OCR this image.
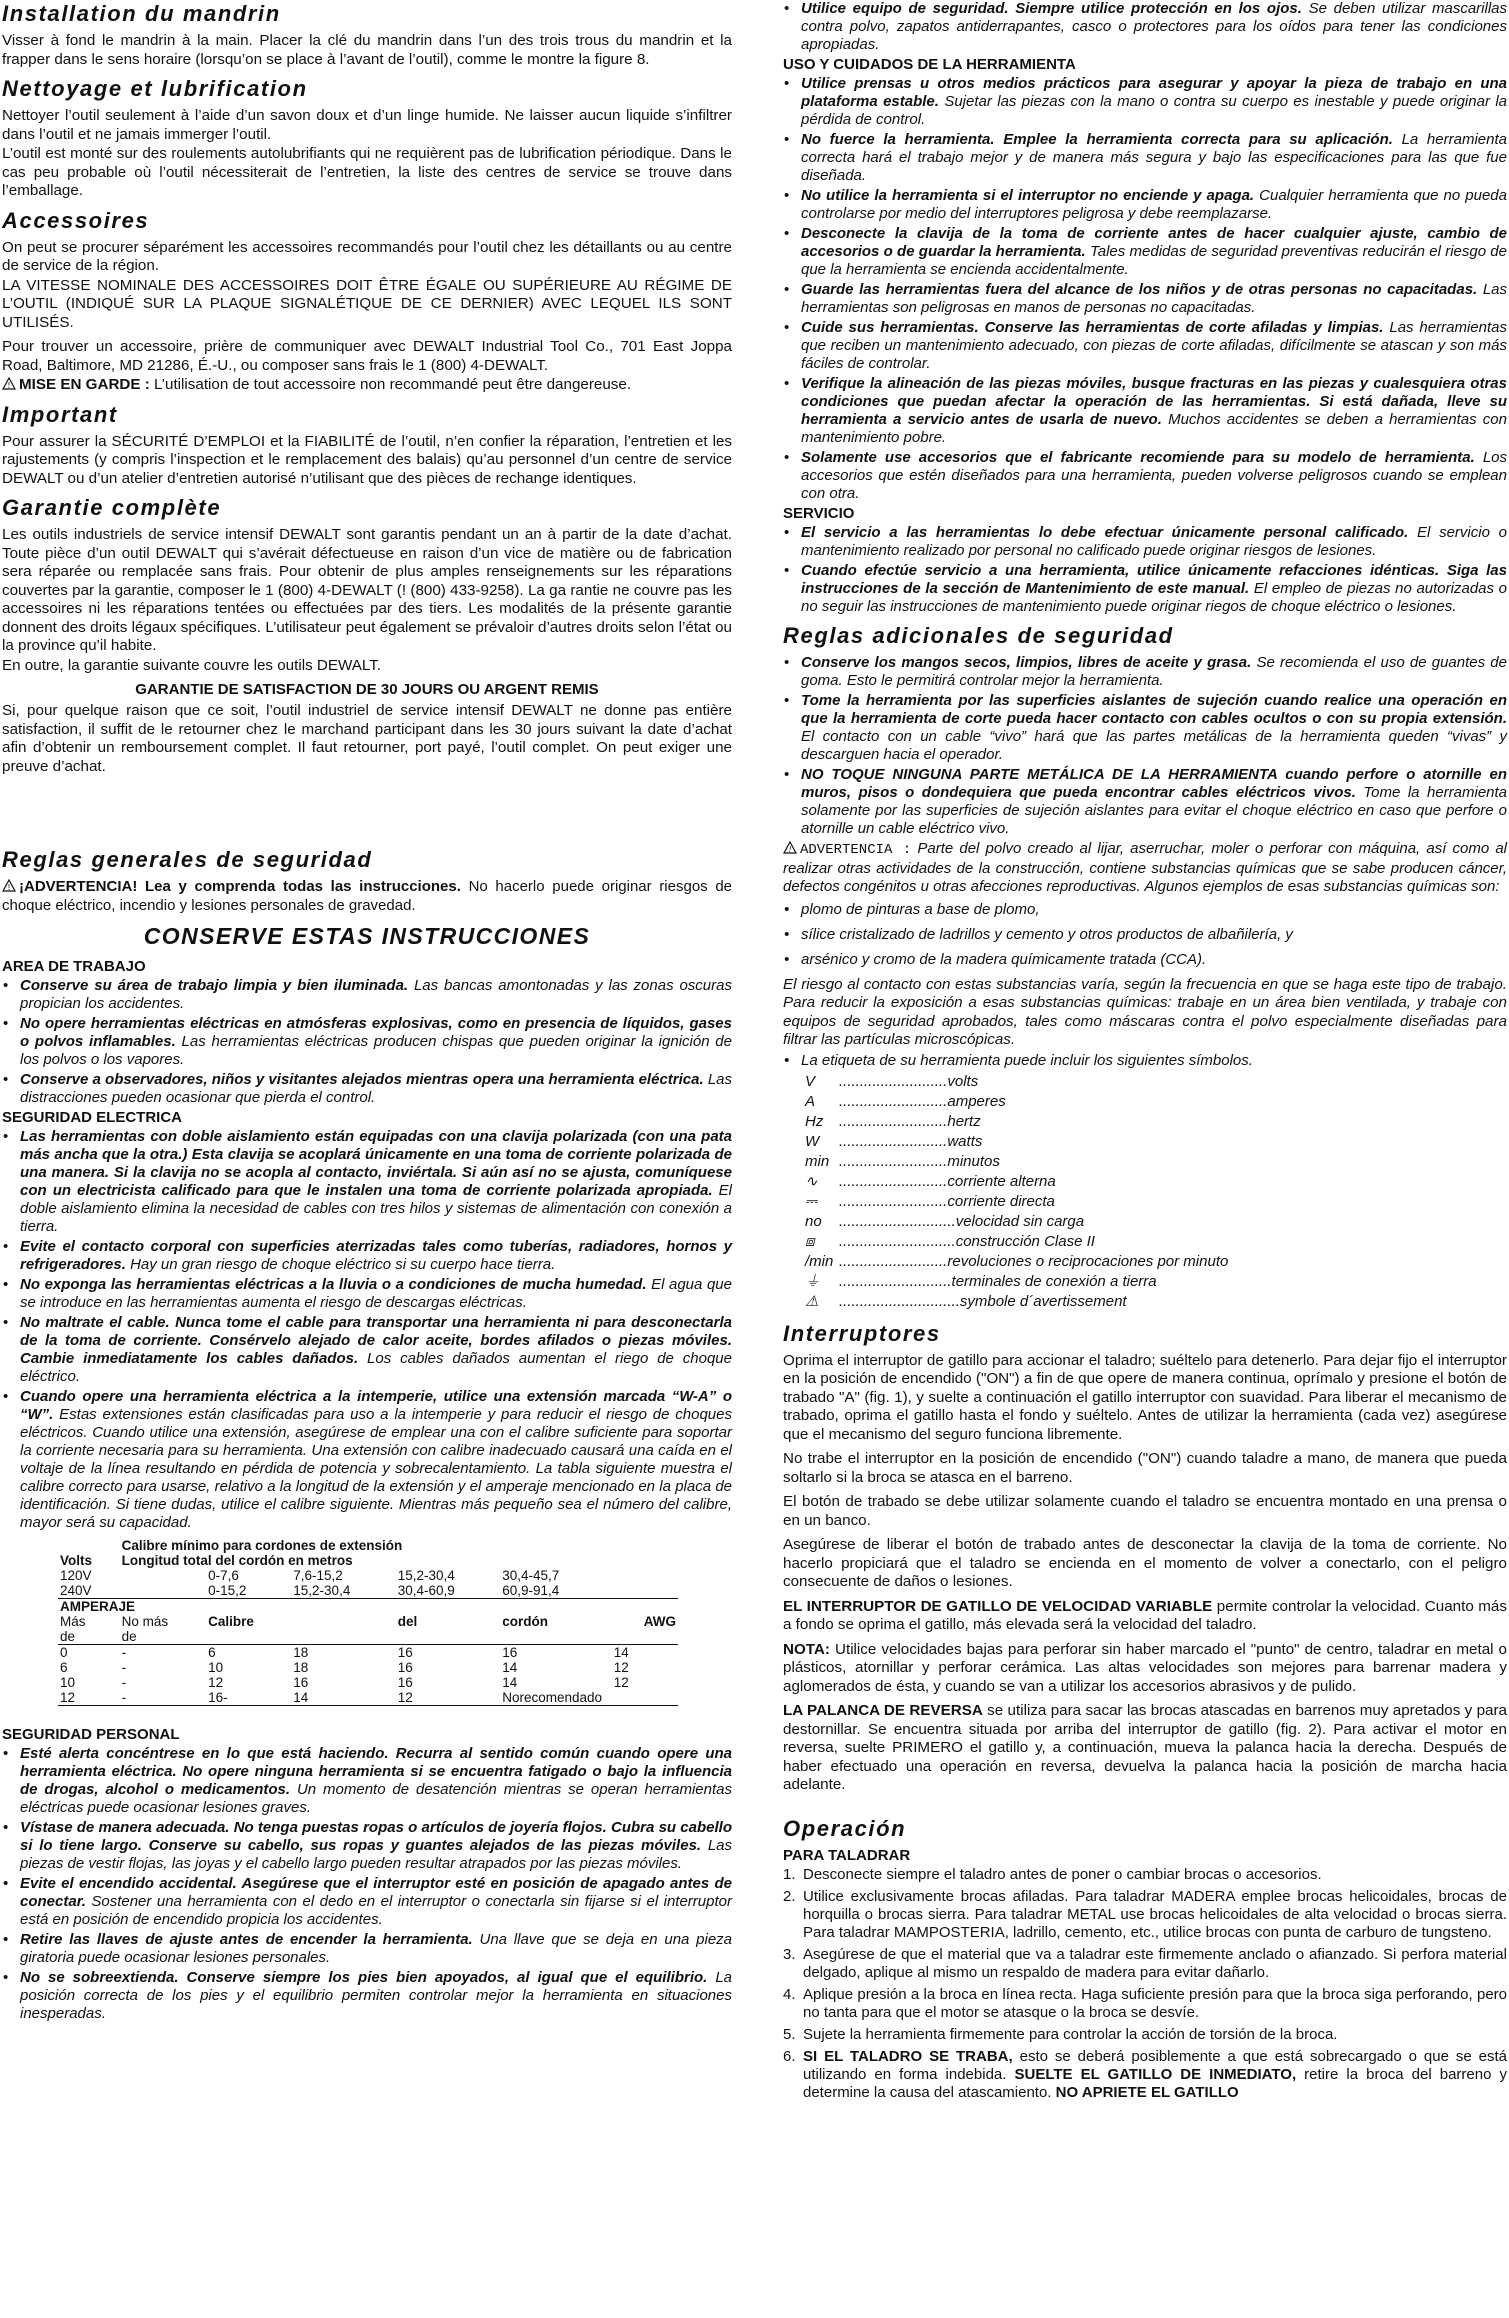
Installation du mandrin

Visser à fond le mandrin à la main. Placer la clé du mandrin dans l’un des trois trous du mandrin et la frapper dans le sens horaire (lorsqu’on se place à l’avant de l’outil), comme le montre la figure 8.

Nettoyage et lubrification

Nettoyer l’outil seulement à l’aide d’un savon doux et d’un linge humide. Ne laisser aucun liquide s’infiltrer dans l’outil et ne jamais immerger l’outil.

L’outil est monté sur des roulements autolubrifiants qui ne requièrent pas de lubrification périodique. Dans le cas peu probable où l’outil nécessiterait de l’entretien, la liste des centres de service se trouve dans l’emballage.

Accessoires

On peut se procurer séparément les accessoires recommandés pour l’outil chez les détaillants ou au centre de service de la région.

LA VITESSE NOMINALE DES ACCESSOIRES DOIT ÊTRE ÉGALE OU SUPÉRIEURE AU RÉGIME DE L’OUTIL (INDIQUÉ SUR LA PLAQUE SIGNALÉTIQUE DE CE DERNIER) AVEC LEQUEL ILS SONT UTILISÉS.

Pour trouver un accessoire, prière de communiquer avec DEWALT Industrial Tool Co., 701 East Joppa Road, Baltimore, MD 21286, É.-U., ou composer sans frais le 1 (800) 4-DEWALT.

! MISE EN GARDE : L’utilisation de tout accessoire non recommandé peut être dangereuse.

Important

Pour assurer la SÉCURITÉ D’EMPLOI et la FIABILITÉ de l’outil, n’en confier la réparation, l’entretien et les rajustements (y compris l’inspection et le remplacement des balais) qu’au personnel d’un centre de service DEWALT ou d’un atelier d’entretien autorisé n’utilisant que des pièces de rechange identiques.

Garantie complète

Les outils industriels de service intensif DEWALT sont garantis pendant un an à partir de la date d’achat. Toute pièce d’un outil DEWALT qui s’avérait défectueuse en raison d’un vice de matière ou de fabrication sera réparée ou remplacée sans frais. Pour obtenir de plus amples renseignements sur les réparations couvertes par la garantie, composer le 1 (800) 4-DEWALT (! (800) 433-9258). La ga rantie ne couvre pas les accessoires ni les réparations tentées ou effectuées par des tiers. Les modalités de la présente garantie donnent des droits légaux spécifiques. L’utilisateur peut également se prévaloir d’autres droits selon l’état ou la province qu’il habite.

En outre, la garantie suivante couvre les outils DEWALT.

GARANTIE DE SATISFACTION DE 30 JOURS OU ARGENT REMIS

Si, pour quelque raison que ce soit, l’outil industriel de service intensif DEWALT ne donne pas entière satisfaction, il suffit de le retourner chez le marchand participant dans les 30 jours suivant la date d’achat afin d’obtenir un remboursement complet. Il faut retourner, port payé, l’outil complet. On peut exiger une preuve d’achat.

Reglas generales de seguridad
! ¡ADVERTENCIA! Lea y comprenda todas las instrucciones. No hacerlo puede originar riesgos de choque eléctrico, incendio y lesiones personales de gravedad.
CONSERVE ESTAS INSTRUCCIONES
AREA DE TRABAJO
• Conserve su área de trabajo limpia y bien iluminada. Las bancas amontonadas y las zonas oscuras propician los accidentes.
• No opere herramientas eléctricas en atmósferas explosivas, como en presencia de líquidos, gases o polvos inflamables. Las herramientas eléctricas producen chispas que pueden originar la ignición de los polvos o los vapores.
• Conserve a observadores, niños y visitantes alejados mientras opera una herramienta eléctrica. Las distracciones pueden ocasionar que pierda el control.
SEGURIDAD ELECTRICA
• Las herramientas con doble aislamiento están equipadas con una clavija polarizada (con una pata más ancha que la otra.) Esta clavija se acoplará únicamente en una toma de corriente polarizada de una manera. Si la clavija no se acopla al contacto, inviértala. Si aún así no se ajusta, comuníquese con un electricista calificado para que le instalen una toma de corriente polarizada apropiada. El doble aislamiento elimina la necesidad de cables con tres hilos y sistemas de alimentación con conexión a tierra.
• Evite el contacto corporal con superficies aterrizadas tales como tuberías, radiadores, hornos y refrigeradores. Hay un gran riesgo de choque eléctrico si su cuerpo hace tierra.
• No exponga las herramientas eléctricas a la lluvia o a condiciones de mucha humedad. El agua que se introduce en las herramientas aumenta el riesgo de descargas eléctricas.
• No maltrate el cable. Nunca tome el cable para transportar una herramienta ni para desconectarla de la toma de corriente. Consérvelo alejado de calor aceite, bordes afilados o piezas móviles. Cambie inmediatamente los cables dañados. Los cables dañados aumentan el riego de choque eléctrico.
• Cuando opere una herramienta eléctrica a la intemperie, utilice una extensión marcada “W-A” o “W”. Estas extensiones están clasificadas para uso a la intemperie y para reducir el riesgo de choques eléctricos. Cuando utilice una extensión, asegúrese de emplear una con el calibre suficiente para soportar la corriente necesaria para su herramienta. Una extensión con calibre inadecuado causará una caída en el voltaje de la línea resultando en pérdida de potencia y sobrecalentamiento. La tabla siguiente muestra el calibre correcto para usarse, relativo a la longitud de la extensión y el amperaje mencionado en la placa de identificación. Si tiene dudas, utilice el calibre siguiente. Mientras más pequeño sea el número del calibre, mayor será su capacidad.
	Calibre mínimo para cordones de extensión					
Volts	Longitud total del cordón en metros					
120V		0-7,6	7,6-15,2	15,2-30,4	30,4-45,7	
240V		0-15,2	15,2-30,4	30,4-60,9	60,9-91,4	
AMPERAJE						
Más	No más	Calibre		del	cordón	AWG
de	de					
0	-	6	18	16	16	14
6	-	10	18	16	14	12
10	-	12	16	16	14	12
12	-	16-	14	12	Norecomendado	
SEGURIDAD PERSONAL
• Esté alerta concéntrese en lo que está haciendo. Recurra al sentido común cuando opere una herramienta eléctrica. No opere ninguna herramienta si se encuentra fatigado o bajo la influencia de drogas, alcohol o medicamentos. Un momento de desatención mientras se operan herramientas eléctricas puede ocasionar lesiones graves.
• Vístase de manera adecuada. No tenga puestas ropas o artículos de joyería flojos. Cubra su cabello si lo tiene largo. Conserve su cabello, sus ropas y guantes alejados de las piezas móviles. Las piezas de vestir flojas, las joyas y el cabello largo pueden resultar atrapados por las piezas móviles.
• Evite el encendido accidental. Asegúrese que el interruptor esté en posición de apagado antes de conectar. Sostener una herramienta con el dedo en el interruptor o conectarla sin fijarse si el interruptor está en posición de encendido propicia los accidentes.
• Retire las llaves de ajuste antes de encender la herramienta. Una llave que se deja en una pieza giratoria puede ocasionar lesiones personales.
• No se sobreextienda. Conserve siempre los pies bien apoyados, al igual que el equilibrio. La posición correcta de los pies y el equilibrio permiten controlar mejor la herramienta en situaciones inesperadas.
• Utilice equipo de seguridad. Siempre utilice protección en los ojos. Se deben utilizar mascarillas contra polvo, zapatos antiderrapantes, casco o protectores para los oídos para tener las condiciones apropiadas.
USO Y CUIDADOS DE LA HERRAMIENTA
• Utilice prensas u otros medios prácticos para asegurar y apoyar la pieza de trabajo en una plataforma estable. Sujetar las piezas con la mano o contra su cuerpo es inestable y puede originar la pérdida de control.
• No fuerce la herramienta. Emplee la herramienta correcta para su aplicación. La herramienta correcta hará el trabajo mejor y de manera más segura y bajo las especificaciones para las que fue diseñada.
• No utilice la herramienta si el interruptor no enciende y apaga. Cualquier herramienta que no pueda controlarse por medio del interruptores peligrosa y debe reemplazarse.
• Desconecte la clavija de la toma de corriente antes de hacer cualquier ajuste, cambio de accesorios o de guardar la herramienta. Tales medidas de seguridad preventivas reducirán el riesgo de que la herramienta se encienda accidentalmente.
• Guarde las herramientas fuera del alcance de los niños y de otras personas no capacitadas. Las herramientas son peligrosas en manos de personas no capacitadas.
• Cuide sus herramientas. Conserve las herramientas de corte afiladas y limpias. Las herramientas que reciben un mantenimiento adecuado, con piezas de corte afiladas, difícilmente se atascan y son más fáciles de controlar.
• Verifique la alineación de las piezas móviles, busque fracturas en las piezas y cualesquiera otras condiciones que puedan afectar la operación de las herramientas. Si está dañada, lleve su herramienta a servicio antes de usarla de nuevo. Muchos accidentes se deben a herramientas con mantenimiento pobre.
• Solamente use accesorios que el fabricante recomiende para su modelo de herramienta. Los accesorios que estén diseñados para una herramienta, pueden volverse peligrosos cuando se emplean con otra.
SERVICIO
• El servicio a las herramientas lo debe efectuar únicamente personal calificado. El servicio o mantenimiento realizado por personal no calificado puede originar riesgos de lesiones.
• Cuando efectúe servicio a una herramienta, utilice únicamente refacciones idénticas. Siga las instrucciones de la sección de Mantenimiento de este manual. El empleo de piezas no autorizadas o no seguir las instrucciones de mantenimiento puede originar riegos de choque eléctrico o lesiones.
Reglas adicionales de seguridad
• Conserve los mangos secos, limpios, libres de aceite y grasa. Se recomienda el uso de guantes de goma. Esto le permitirá controlar mejor la herramienta.
• Tome la herramienta por las superficies aislantes de sujeción cuando realice una operación en que la herramienta de corte pueda hacer contacto con cables ocultos o con su propia extensión. El contacto con un cable “vivo” hará que las partes metálicas de la herramienta queden “vivas” y descarguen hacia el operador.
• NO TOQUE NINGUNA PARTE METÁLICA DE LA HERRAMIENTA cuando perfore o atornille en muros, pisos o dondequiera que pueda encontrar cables eléctricos vivos. Tome la herramienta solamente por las superficies de sujeción aislantes para evitar el choque eléctrico en caso que perfore o atornille un cable eléctrico vivo.
! ADVERTENCIA : Parte del polvo creado al lijar, aserruchar, moler o perforar con máquina, así como al realizar otras actividades de la construcción, contiene substancias químicas que se sabe producen cáncer, defectos congénitos u otras afecciones reproductivas. Algunos ejemplos de esas substancias químicas son:
• plomo de pinturas a base de plomo,
• sílice cristalizado de ladrillos y cemento y otros productos de albañilería, y
• arsénico y cromo de la madera químicamente tratada (CCA).

El riesgo al contacto con estas substancias varía, según la frecuencia en que se haga este tipo de trabajo. Para reducir la exposición a esas substancias químicas: trabaje en un área bien ventilada, y trabaje con equipos de seguridad aprobados, tales como máscaras contra el polvo especialmente diseñadas para filtrar las partículas microscópicas.

• La etiqueta de su herramienta puede incluir los siguientes símbolos.
V ..........................volts
A ..........................amperes
Hz ..........................hertz
W ..........................watts
min ..........................minutos
∿ ..........................corriente alterna
⎓ ..........................corriente directa
no ............................velocidad sin carga
⧈ ............................construcción Clase II
/min ..........................revoluciones o reciprocaciones por minuto
⏚ ...........................terminales de conexión a tierra
⚠ .............................symbole d´avertissement
Interruptores

Oprima el interruptor de gatillo para accionar el taladro; suéltelo para detenerlo. Para dejar fijo el interruptor en la posición de encendido ("ON") a fin de que opere de manera continua, oprímalo y presione el botón de trabado "A" (fig. 1), y suelte a continuación el gatillo interruptor con suavidad. Para liberar el mecanismo de trabado, oprima el gatillo hasta el fondo y suéltelo. Antes de utilizar la herramienta (cada vez) asegúrese que el mecanismo del seguro funciona libremente.

No trabe el interruptor en la posición de encendido ("ON") cuando taladre a mano, de manera que pueda soltarlo si la broca se atasca en el barreno.

El botón de trabado se debe utilizar solamente cuando el taladro se encuentra montado en una prensa o en un banco.

Asegúrese de liberar el botón de trabado antes de desconectar la clavija de la toma de corriente. No hacerlo propiciará que el taladro se encienda en el momento de volver a conectarlo, con el peligro consecuente de daños o lesiones.

EL INTERRUPTOR DE GATILLO DE VELOCIDAD VARIABLE permite controlar la velocidad. Cuanto más a fondo se oprima el gatillo, más elevada será la velocidad del taladro.

NOTA: Utilice velocidades bajas para perforar sin haber marcado el "punto" de centro, taladrar en metal o plásticos, atornillar y perforar cerámica. Las altas velocidades son mejores para barrenar madera y aglomerados de ésta, y cuando se van a utilizar los accesorios abrasivos y de pulido.

LA PALANCA DE REVERSA se utiliza para sacar las brocas atascadas en barrenos muy apretados y para destornillar. Se encuentra situada por arriba del interruptor de gatillo (fig. 2). Para activar el motor en reversa, suelte PRIMERO el gatillo y, a continuación, mueva la palanca hacia la derecha. Después de haber efectuado una operación en reversa, devuelva la palanca hacia la posición de marcha hacia adelante.

Operación
PARA TALADRAR
1. Desconecte siempre el taladro antes de poner o cambiar brocas o accesorios.
2. Utilice exclusivamente brocas afiladas. Para taladrar MADERA emplee brocas helicoidales, brocas de horquilla o brocas sierra. Para taladrar METAL use brocas helicoidales de alta velocidad o brocas sierra. Para taladrar MAMPOSTERIA, ladrillo, cemento, etc., utilice brocas con punta de carburo de tungsteno.
3. Asegúrese de que el material que va a taladrar este firmemente anclado o afianzado. Si perfora material delgado, aplique al mismo un respaldo de madera para evitar dañarlo.
4. Aplique presión a la broca en línea recta. Haga suficiente presión para que la broca siga perforando, pero no tanta para que el motor se atasque o la broca se desvíe.
5. Sujete la herramienta firmemente para controlar la acción de torsión de la broca.
6. SI EL TALADRO SE TRABA, esto se deberá posiblemente a que está sobrecargado o que se está utilizando en forma indebida. SUELTE EL GATILLO DE INMEDIATO, retire la broca del barreno y determine la causa del atascamiento. NO APRIETE EL GATILLO
